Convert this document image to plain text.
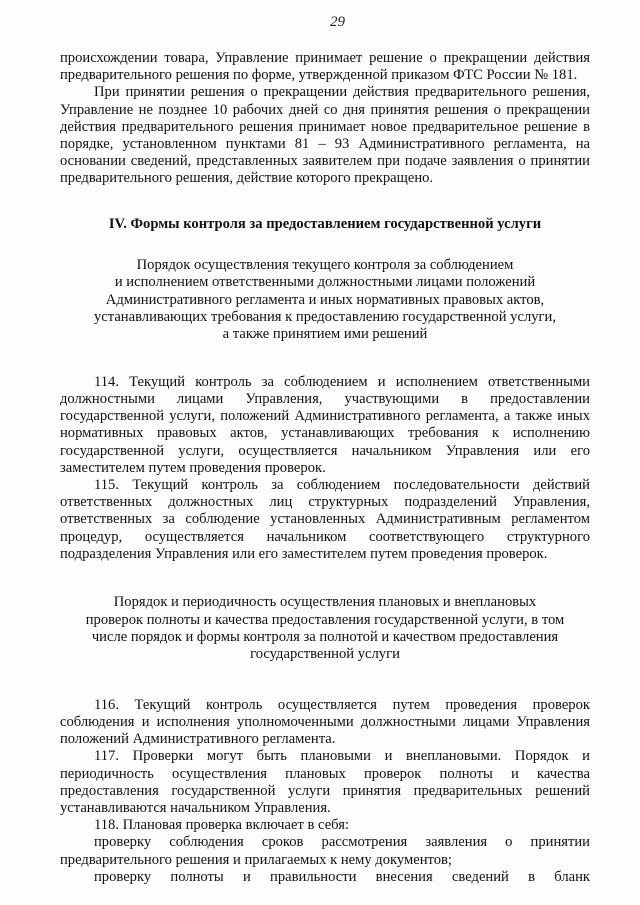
29

происхождении товара, Управление принимает решение о прекращении действия предварительного решения по форме, утвержденной приказом ФТС России № 181.

При принятии решения о прекращении действия предварительного решения, Управление не позднее 10 рабочих дней со дня принятия решения о прекращении действия предварительного решения принимает новое предварительное решение в порядке, установленном пунктами 81 – 93 Административного регламента, на основании сведений, представленных заявителем при подаче заявления о принятии предварительного решения, действие которого прекращено.

IV. Формы контроля за предоставлением государственной услуги
Порядок осуществления текущего контроля за соблюдением
и исполнением ответственными должностными лицами положений
Административного регламента и иных нормативных правовых актов,
устанавливающих требования к предоставлению государственной услуги,
а также принятием ими решений

114. Текущий контроль за соблюдением и исполнением ответственными должностными лицами Управления, участвующими в предоставлении государственной услуги, положений Административного регламента, а также иных нормативных правовых актов, устанавливающих требования к исполнению государственной услуги, осуществляется начальником Управления или его заместителем путем проведения проверок.

115. Текущий контроль за соблюдением последовательности действий ответственных должностных лиц структурных подразделений Управления, ответственных за соблюдение установленных Административным регламентом процедур, осуществляется начальником соответствующего структурного подразделения Управления или его заместителем путем проведения проверок.

Порядок и периодичность осуществления плановых и внеплановых
проверок полноты и качества предоставления государственной услуги, в том
числе порядок и формы контроля за полнотой и качеством предоставления
государственной услуги

116. Текущий контроль осуществляется путем проведения проверок соблюдения и исполнения уполномоченными должностными лицами Управления положений Административного регламента.

117. Проверки могут быть плановыми и внеплановыми. Порядок и периодичность осуществления плановых проверок полноты и качества предоставления государственной услуги принятия предварительных решений устанавливаются начальником Управления.

118. Плановая проверка включает в себя:

проверку соблюдения сроков рассмотрения заявления о принятии предварительного решения и прилагаемых к нему документов;

проверку полноты и правильности внесения сведений в бланк
